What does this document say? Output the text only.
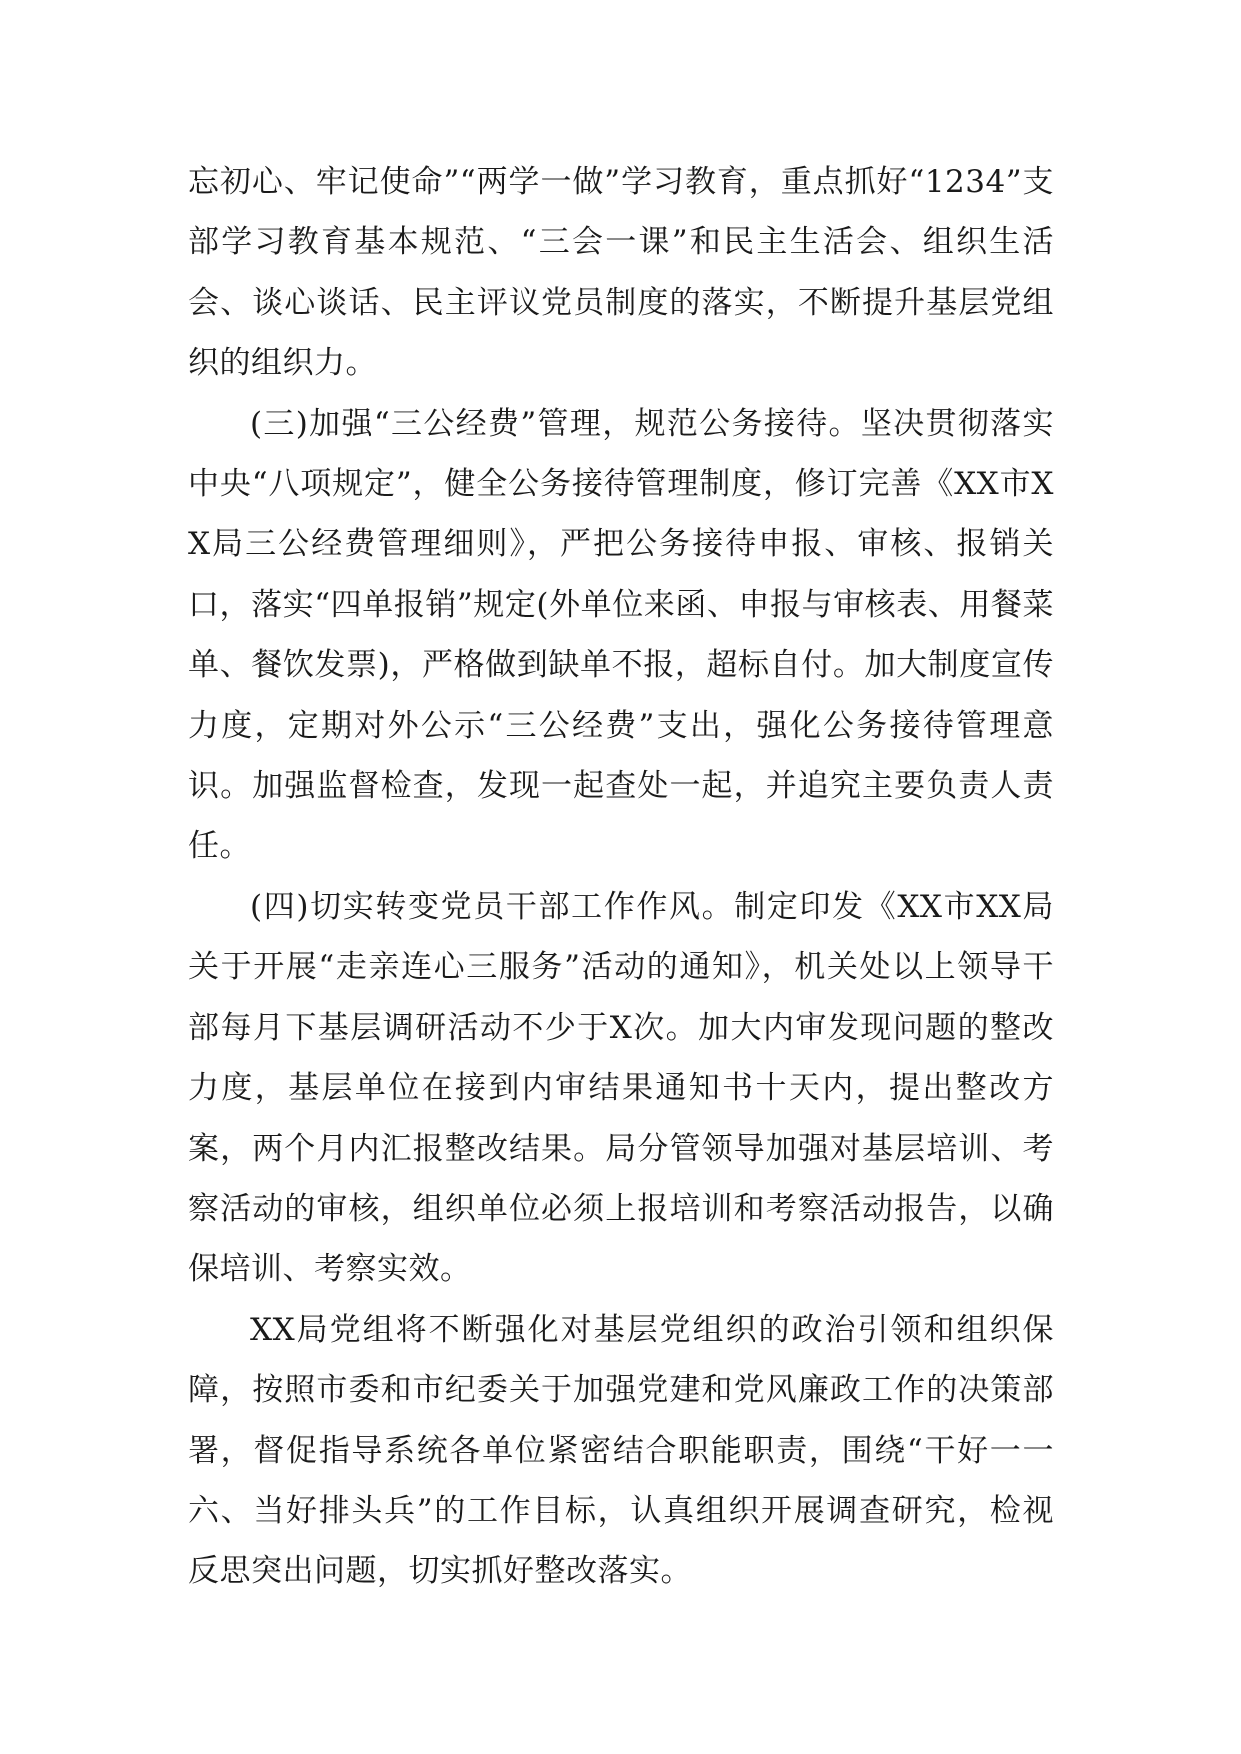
忘初心、牢记使命”“两学一做”学习教育，重点抓好“1234”支部学习教育基本规范、“三会一课”和民主生活会、组织生活会、谈心谈话、民主评议党员制度的落实，不断提升基层党组织的组织力。

(三)加强“三公经费”管理，规范公务接待。坚决贯彻落实中央“八项规定”，健全公务接待管理制度，修订完善《XX市XX局三公经费管理细则》，严把公务接待申报、审核、报销关口，落实“四单报销”规定(外单位来函、申报与审核表、用餐菜单、餐饮发票)，严格做到缺单不报，超标自付。加大制度宣传力度，定期对外公示“三公经费”支出，强化公务接待管理意识。加强监督检查，发现一起查处一起，并追究主要负责人责任。

(四)切实转变党员干部工作作风。制定印发《XX市XX局关于开展“走亲连心三服务”活动的通知》，机关处以上领导干部每月下基层调研活动不少于X次。加大内审发现问题的整改力度，基层单位在接到内审结果通知书十天内，提出整改方案，两个月内汇报整改结果。局分管领导加强对基层培训、考察活动的审核，组织单位必须上报培训和考察活动报告，以确保培训、考察实效。

XX局党组将不断强化对基层党组织的政治引领和组织保障，按照市委和市纪委关于加强党建和党风廉政工作的决策部署，督促指导系统各单位紧密结合职能职责，围绕“干好一一六、当好排头兵”的工作目标，认真组织开展调查研究，检视反思突出问题，切实抓好整改落实。
